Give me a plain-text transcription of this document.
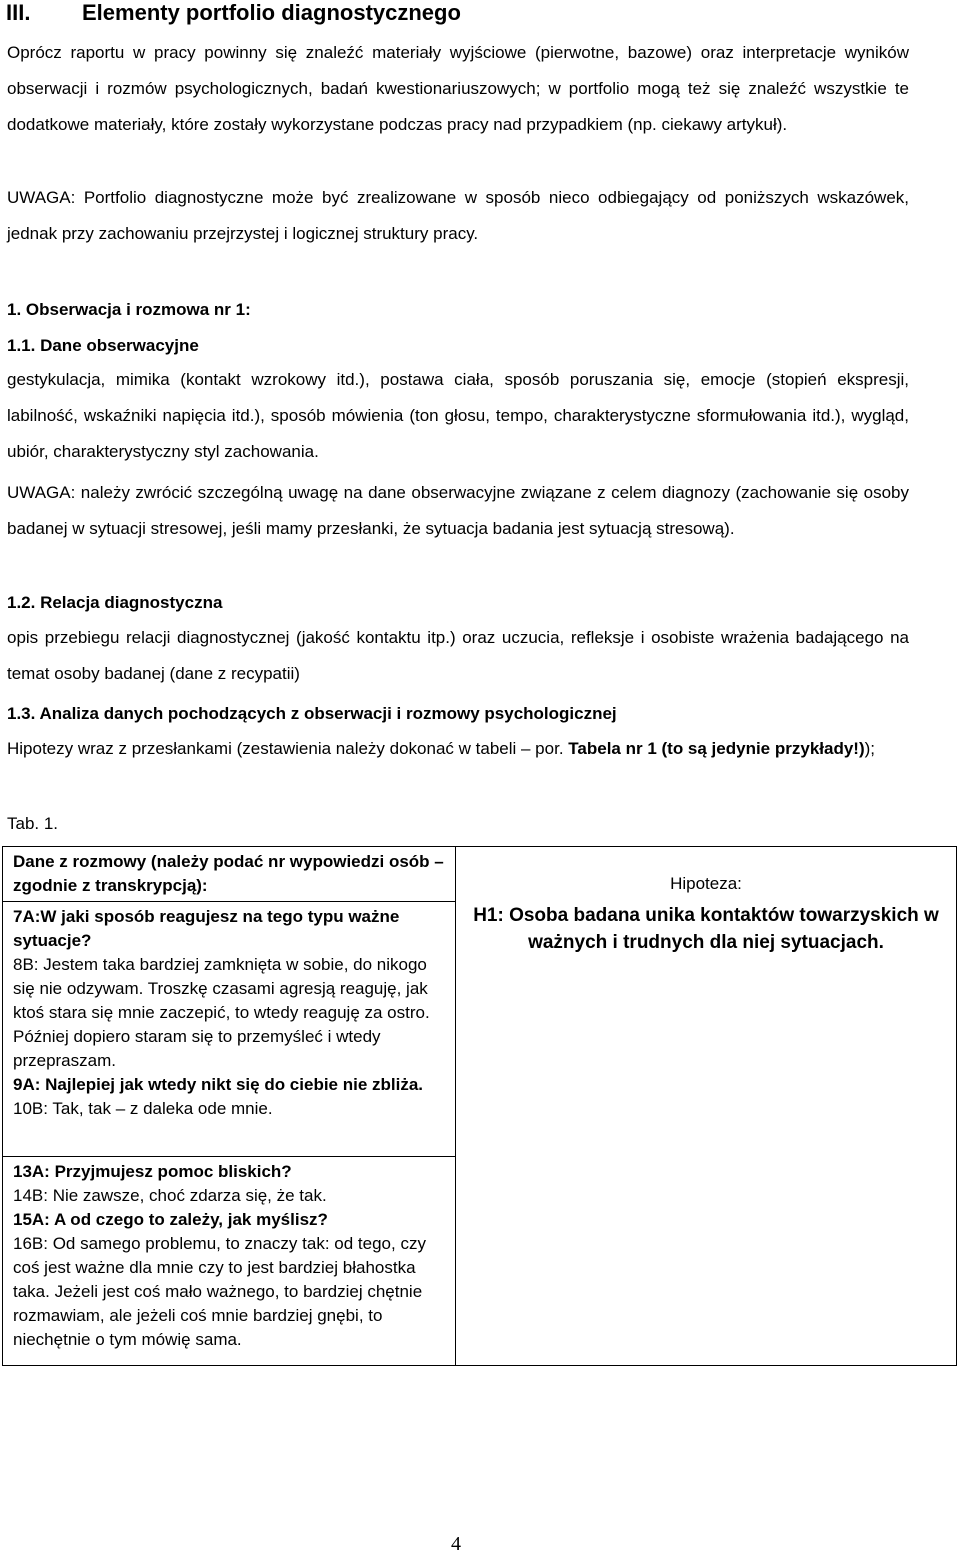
III. Elementy portfolio diagnostycznego
Oprócz raportu w pracy powinny się znaleźć materiały wyjściowe (pierwotne, bazowe) oraz interpretacje wyników obserwacji i rozmów psychologicznych, badań kwestionariuszowych; w portfolio mogą też się znaleźć wszystkie te dodatkowe materiały, które zostały wykorzystane podczas pracy nad przypadkiem (np. ciekawy artykuł).
UWAGA: Portfolio diagnostyczne może być zrealizowane w sposób nieco odbiegający od poniższych wskazówek, jednak przy zachowaniu przejrzystej i logicznej struktury pracy.
1. Obserwacja i rozmowa nr 1:
1.1. Dane obserwacyjne
gestykulacja, mimika (kontakt wzrokowy itd.), postawa ciała, sposób poruszania się, emocje (stopień ekspresji, labilność, wskaźniki napięcia itd.), sposób mówienia (ton głosu, tempo, charakterystyczne sformułowania itd.), wygląd, ubiór, charakterystyczny styl zachowania.
UWAGA: należy zwrócić szczególną uwagę na dane obserwacyjne związane z celem diagnozy (zachowanie się osoby badanej w sytuacji stresowej, jeśli mamy przesłanki, że sytuacja badania jest sytuacją stresową).
1.2. Relacja diagnostyczna
opis przebiegu relacji diagnostycznej (jakość kontaktu itp.) oraz uczucia, refleksje i osobiste wrażenia badającego na temat osoby badanej (dane z recypatii)
1.3. Analiza danych pochodzących z obserwacji i rozmowy psychologicznej
Hipotezy wraz z przesłankami (zestawienia należy dokonać w tabeli – por. Tabela nr 1 (to są jedynie przykłady!));
Tab. 1.
Dane z rozmowy (należy podać nr wypowiedzi osób – zgodnie z transkrypcją):	Hipoteza:
H1: Osoba badana unika kontaktów towarzyskich w ważnych i trudnych dla niej sytuacjach.

7A:W jaki sposób reagujesz na tego typu ważne sytuacje?
8B: Jestem taka bardziej zamknięta w sobie, do nikogo się nie odzywam. Troszkę czasami agresją reaguję, jak ktoś stara się mnie zaczepić, to wtedy reaguję za ostro. Później dopiero staram się to przemyśleć i wtedy przepraszam.
9A: Najlepiej jak wtedy nikt się do ciebie nie zbliża.
10B: Tak, tak – z daleka ode mnie.

13A: Przyjmujesz pomoc bliskich?
14B: Nie zawsze, choć zdarza się, że tak.
15A: A od czego to zależy, jak myślisz?
16B: Od samego problemu, to znaczy tak: od tego, czy coś jest ważne dla mnie czy to jest bardziej błahostka taka. Jeżeli jest coś mało ważnego, to bardziej chętnie rozmawiam, ale jeżeli coś mnie bardziej gnębi, to niechętnie o tym mówię sama.
4
